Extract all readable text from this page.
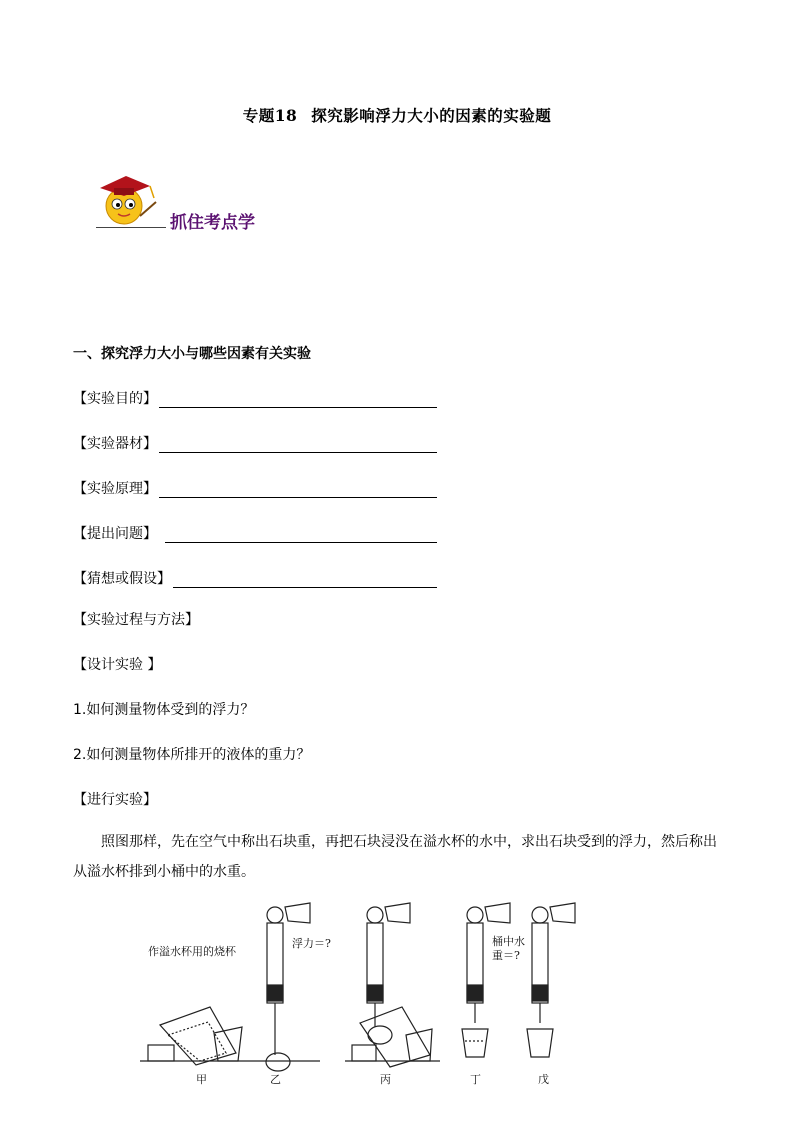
专题18 探究影响浮力大小的因素的实验题
抓住考点学
一、探究浮力大小与哪些因素有关实验
【实验目的】
【实验器材】
【实验原理】
【提出问题】
【猜想或假设】
【实验过程与方法】
【设计实验 】
1.如何测量物体受到的浮力？
2.如何测量物体所排开的液体的重力？
【进行实验】
照图那样，先在空气中称出石块重，再把石块浸没在溢水杯的水中，求出石块受到的浮力，然后称出
从溢水杯排到小桶中的水重。
作溢水杯用的烧杯
浮力＝?	桶中水
重＝?
甲	乙	丙	丁	戊
